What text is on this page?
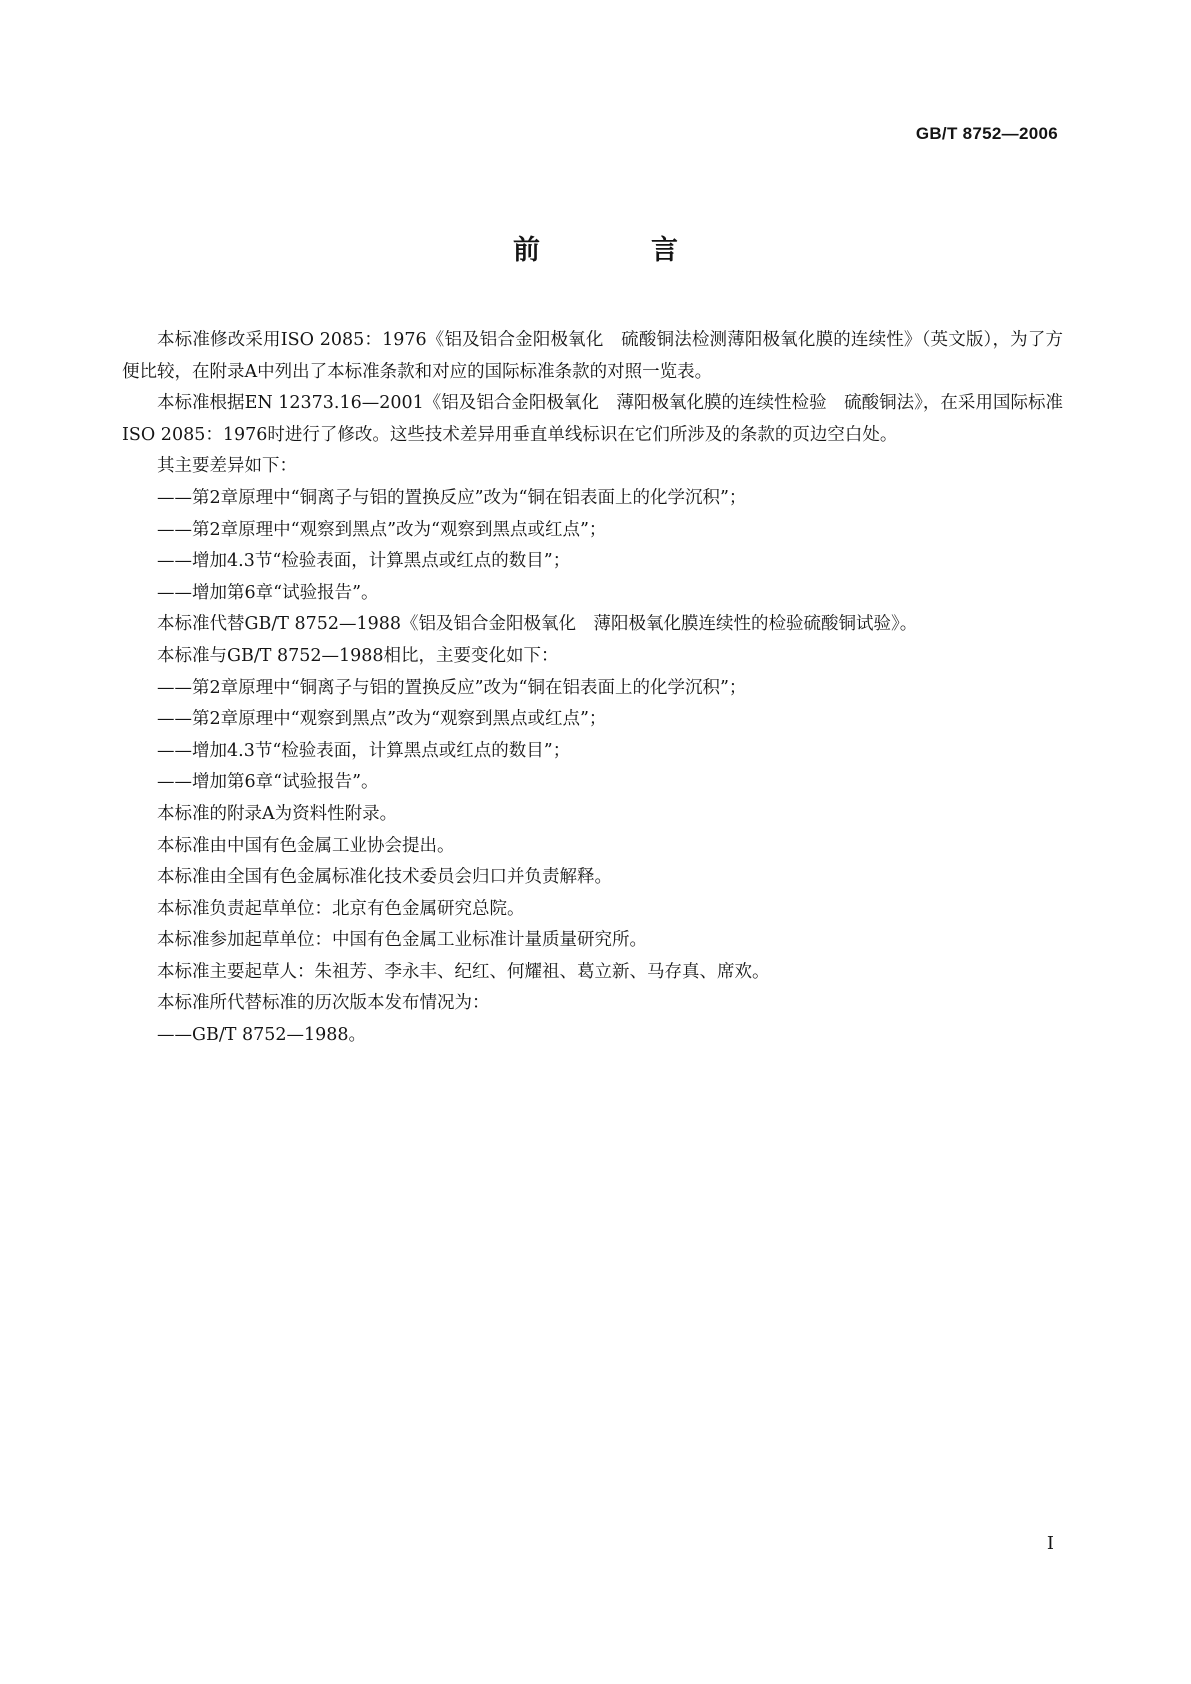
GB/T 8752—2006
前　言

本标准修改采用ISO 2085：1976《铝及铝合金阳极氧化　硫酸铜法检测薄阳极氧化膜的连续性》（英文版），为了方便比较，在附录A中列出了本标准条款和对应的国际标准条款的对照一览表。

本标准根据EN 12373.16—2001《铝及铝合金阳极氧化　薄阳极氧化膜的连续性检验　硫酸铜法》，在采用国际标准ISO 2085：1976时进行了修改。这些技术差异用垂直单线标识在它们所涉及的条款的页边空白处。

其主要差异如下：

——第2章原理中“铜离子与铝的置换反应”改为“铜在铝表面上的化学沉积”；

——第2章原理中“观察到黑点”改为“观察到黑点或红点”；

——增加4.3节“检验表面，计算黑点或红点的数目”；

——增加第6章“试验报告”。

本标准代替GB/T 8752—1988《铝及铝合金阳极氧化　薄阳极氧化膜连续性的检验硫酸铜试验》。

本标准与GB/T 8752—1988相比，主要变化如下：

——第2章原理中“铜离子与铝的置换反应”改为“铜在铝表面上的化学沉积”；

——第2章原理中“观察到黑点”改为“观察到黑点或红点”；

——增加4.3节“检验表面，计算黑点或红点的数目”；

——增加第6章“试验报告”。

本标准的附录A为资料性附录。

本标准由中国有色金属工业协会提出。

本标准由全国有色金属标准化技术委员会归口并负责解释。

本标准负责起草单位：北京有色金属研究总院。

本标准参加起草单位：中国有色金属工业标准计量质量研究所。

本标准主要起草人：朱祖芳、李永丰、纪红、何耀祖、葛立新、马存真、席欢。

本标准所代替标准的历次版本发布情况为：

——GB/T 8752—1988。

I
